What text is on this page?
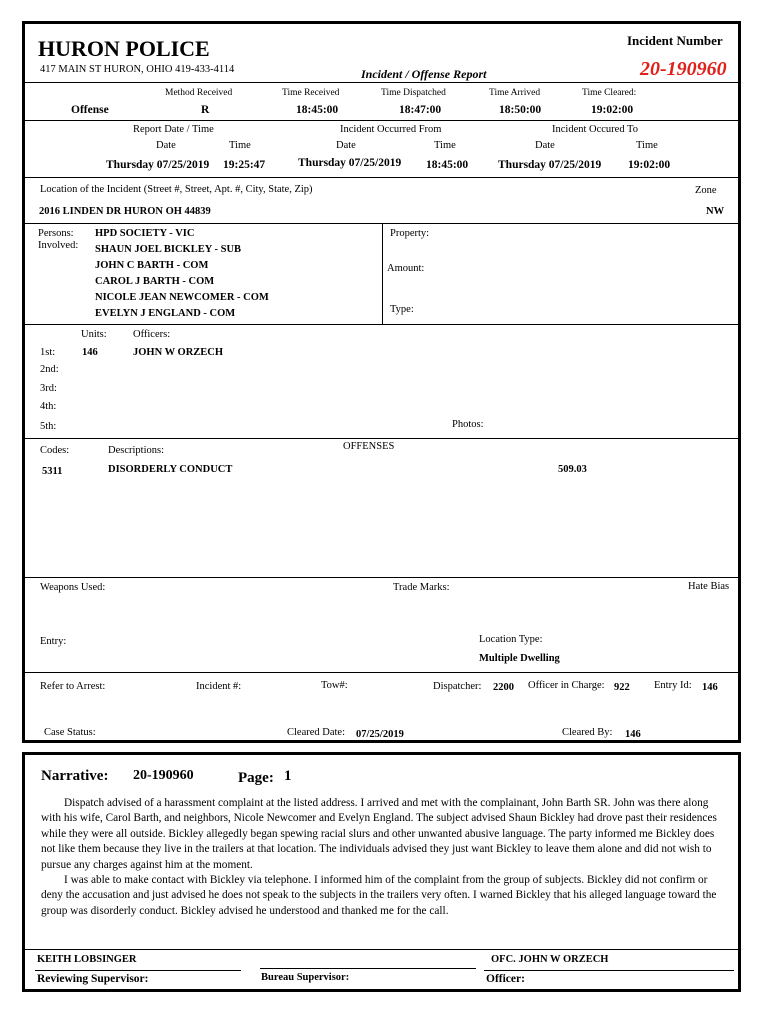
HURON POLICE
417 MAIN ST HURON, OHIO 419-433-4114	Incident / Offense Report
Incident Number
20-190960
Method Received	Time Received	Time Dispatched	Time Arrived	Time Cleared:
Offense	R	18:45:00	18:47:00	18:50:00	19:02:00
Report Date / Time	Incident Occurred From	Incident Occured To
Date	Time	Date	Time	Date	Time
Thursday 07/25/2019 19:25:47	Thursday 07/25/2019 18:45:00	Thursday 07/25/2019 19:02:00
Location of the Incident (Street #, Street, Apt. #, City, State, Zip)	Zone
2016 LINDEN DR HURON OH 44839	NW
Persons:
Involved:
HPD SOCIETY - VIC
SHAUN JOEL BICKLEY - SUB
JOHN C BARTH - COM
CAROL J BARTH - COM
NICOLE JEAN NEWCOMER - COM
EVELYN J ENGLAND - COM
Property:
Amount:
Type:
Units:	Officers:
1st:	146	JOHN W ORZECH
2nd:
3rd:
4th:
5th:	Photos:
Codes:	Descriptions:	OFFENSES
5311	DISORDERLY CONDUCT	509.03
Weapons Used:	Trade Marks:	Hate Bias
Entry:	Location Type:
Multiple Dwelling
Refer to Arrest:	Incident #:	Tow#:	Dispatcher: 2200 Officer in Charge: 922 Entry Id: 146
Case Status:	Cleared Date: 07/25/2019	Cleared By: 146
Narrative: 20-190960	Page: 1

Dispatch advised of a harassment complaint at the listed address. I arrived and met with the complainant, John Barth SR. John was there along with his wife, Carol Barth, and neighbors, Nicole Newcomer and Evelyn England. The subject advised Shaun Bickley had drove past their residences while they were all outside. Bickley allegedly began spewing racial slurs and other unwanted abusive language. The party informed me Bickley does not like them because they live in the trailers at that location. The individuals advised they just want Bickley to leave them alone and did not wish to pursue any charges against him at the moment.

I was able to make contact with Bickley via telephone. I informed him of the complaint from the group of subjects. Bickley did not confirm or deny the accusation and just advised he does not speak to the subjects in the trailers very often. I warned Bickley that his alleged language toward the group was disorderly conduct. Bickley advised he understood and thanked me for the call.

KEITH LOBSINGER
Reviewing Supervisor:	Bureau Supervisor:
OFC. JOHN W ORZECH
Officer:
